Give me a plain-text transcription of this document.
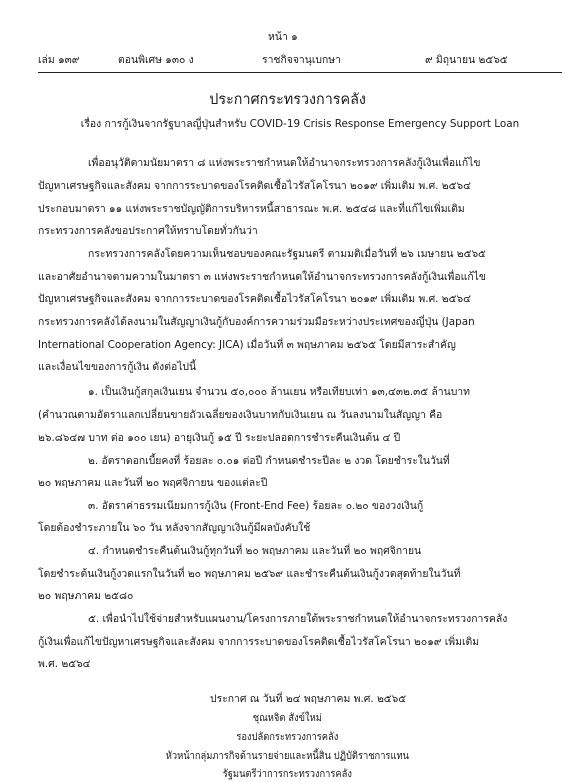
หน้า ๑
เล่ม ๑๓๙	ตอนพิเศษ ๑๓๐ ง	ราชกิจจานุเบกษา	๙ มิถุนายน ๒๕๖๕
ประกาศกระทรวงการคลัง
เรื่อง การกู้เงินจากรัฐบาลญี่ปุ่นสำหรับ COVID-19 Crisis Response Emergency Support Loan
เพื่ออนุวัติตามนัยมาตรา ๘ แห่งพระราชกำหนดให้อำนาจกระทรวงการคลังกู้เงินเพื่อแก้ไข
ปัญหาเศรษฐกิจและสังคม จากการระบาดของโรคติดเชื้อไวรัสโคโรนา ๒๐๑๙ เพิ่มเติม พ.ศ. ๒๕๖๔
ประกอบมาตรา ๑๑ แห่งพระราชบัญญัติการบริหารหนี้สาธารณะ พ.ศ. ๒๕๔๘ และที่แก้ไขเพิ่มเติม
กระทรวงการคลังขอประกาศให้ทราบโดยทั่วกันว่า
กระทรวงการคลังโดยความเห็นชอบของคณะรัฐมนตรี ตามมติเมื่อวันที่ ๒๖ เมษายน ๒๕๖๕
และอาศัยอำนาจตามความในมาตรา ๓ แห่งพระราชกำหนดให้อำนาจกระทรวงการคลังกู้เงินเพื่อแก้ไข
ปัญหาเศรษฐกิจและสังคม จากการระบาดของโรคติดเชื้อไวรัสโคโรนา ๒๐๑๙ เพิ่มเติม พ.ศ. ๒๕๖๔
กระทรวงการคลังได้ลงนามในสัญญาเงินกู้กับองค์การความร่วมมือระหว่างประเทศของญี่ปุ่น (Japan
International Cooperation Agency: JICA) เมื่อวันที่ ๓ พฤษภาคม ๒๕๖๕ โดยมีสาระสำคัญ
และเงื่อนไขของการกู้เงิน ดังต่อไปนี้
๑. เป็นเงินกู้สกุลเงินเยน จำนวน ๕๐,๐๐๐ ล้านเยน หรือเทียบเท่า ๑๓,๔๓๒.๓๕ ล้านบาท
(คำนวณตามอัตราแลกเปลี่ยนขายถัวเฉลี่ยของเงินบาทกับเงินเยน ณ วันลงนามในสัญญา คือ
๒๖.๘๖๔๗ บาท ต่อ ๑๐๐ เยน) อายุเงินกู้ ๑๕ ปี ระยะปลอดการชำระคืนเงินต้น ๔ ปี
๒. อัตราดอกเบี้ยคงที่ ร้อยละ ๐.๐๑ ต่อปี กำหนดชำระปีละ ๒ งวด โดยชำระในวันที่
๒๐ พฤษภาคม และวันที่ ๒๐ พฤศจิกายน ของแต่ละปี
๓. อัตราค่าธรรมเนียมการกู้เงิน (Front-End Fee) ร้อยละ ๐.๒๐ ของวงเงินกู้
โดยต้องชำระภายใน ๖๐ วัน หลังจากสัญญาเงินกู้มีผลบังคับใช้
๔. กำหนดชำระคืนต้นเงินกู้ทุกวันที่ ๒๐ พฤษภาคม และวันที่ ๒๐ พฤศจิกายน
โดยชำระต้นเงินกู้งวดแรกในวันที่ ๒๐ พฤษภาคม ๒๕๖๙ และชำระคืนต้นเงินกู้งวดสุดท้ายในวันที่
๒๐ พฤษภาคม ๒๕๘๐
๕. เพื่อนำไปใช้จ่ายสำหรับแผนงาน/โครงการภายใต้พระราชกำหนดให้อำนาจกระทรวงการคลัง
กู้เงินเพื่อแก้ไขปัญหาเศรษฐกิจและสังคม จากการระบาดของโรคติดเชื้อไวรัสโคโรนา ๒๐๑๙ เพิ่มเติม
พ.ศ. ๒๕๖๔
ประกาศ ณ วันที่ ๒๔ พฤษภาคม พ.ศ. ๒๕๖๕
ชุณหจิต สังข์ใหม่
รองปลัดกระทรวงการคลัง
หัวหน้ากลุ่มภารกิจด้านรายจ่ายและหนี้สิน ปฏิบัติราชการแทน
รัฐมนตรีว่าการกระทรวงการคลัง
